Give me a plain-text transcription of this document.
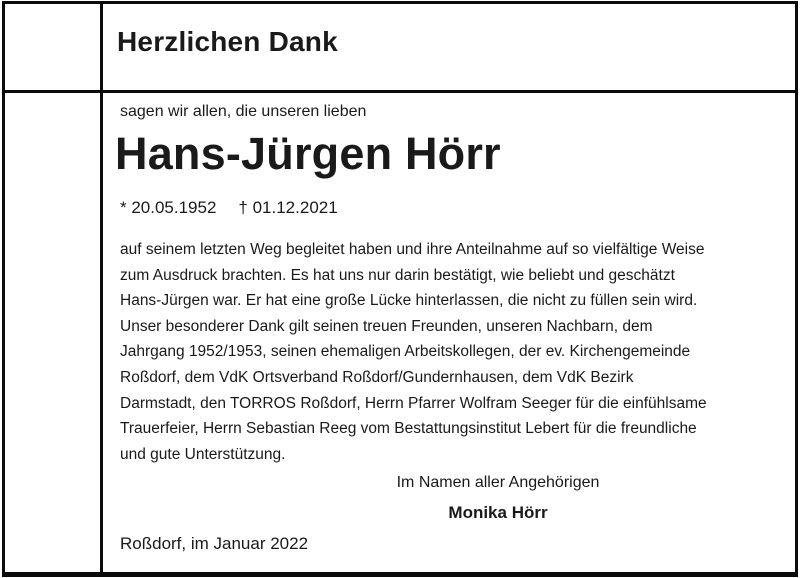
Herzlichen Dank
sagen wir allen, die unseren lieben
Hans-Jürgen Hörr
* 20.05.1952 † 01.12.2021
auf seinem letzten Weg begleitet haben und ihre Anteilnahme auf so vielfältige Weise
zum Ausdruck brachten. Es hat uns nur darin bestätigt, wie beliebt und geschätzt
Hans-Jürgen war. Er hat eine große Lücke hinterlassen, die nicht zu füllen sein wird.
Unser besonderer Dank gilt seinen treuen Freunden, unseren Nachbarn, dem
Jahrgang 1952/1953, seinen ehemaligen Arbeitskollegen, der ev. Kirchengemeinde
Roßdorf, dem VdK Ortsverband Roßdorf/Gundernhausen, dem VdK Bezirk
Darmstadt, den TORROS Roßdorf, Herrn Pfarrer Wolfram Seeger für die einfühlsame
Trauerfeier, Herrn Sebastian Reeg vom Bestattungsinstitut Lebert für die freundliche
und gute Unterstützung.
Im Namen aller Angehörigen
Monika Hörr
Roßdorf, im Januar 2022
